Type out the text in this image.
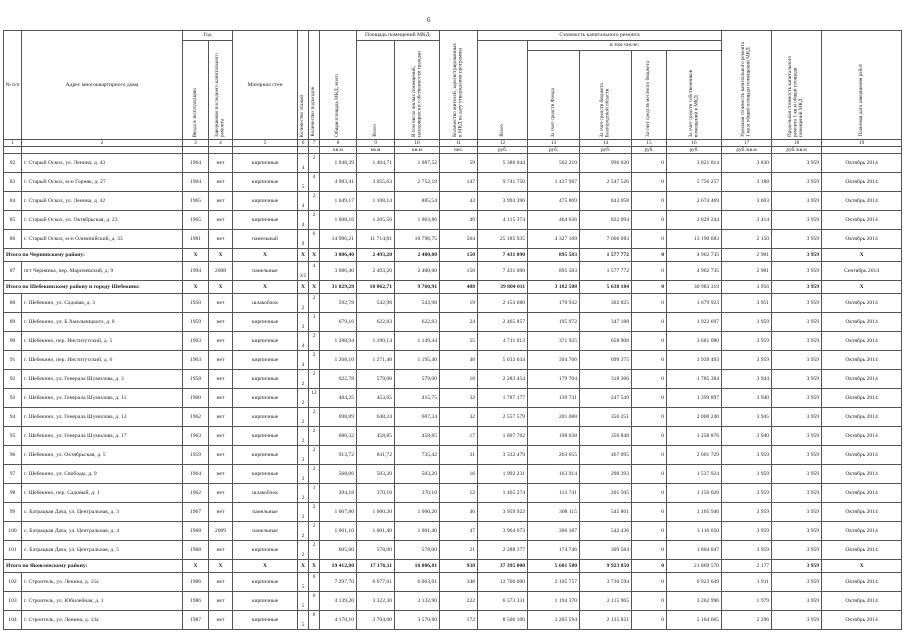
6
№ п/п	Адрес многоквартирного дома	Год		Материал стен	Количество этажей	Количество подъездов	Общая площадь МКД, всего	Площадь помещений МКД:		Количество жителей, зарегистрированных в МКД на дату утверждения программы	Стоимость капитального ремонта					Удельная стоимость капитального ремонта 1 кв.м общей площади помещений МКД	Предельная стоимость капитального ремонта 1 кв.м общей площади помещений МКД	Плановая дата завершения работ

		Ввода в эксплуатацию	Завершение последнего капитального ремонта					Всего	В том числе жилых помещений, находящихся в собственности граждан		Всего	в том числе:						

												За счет средств Фонда	За счет средств бюджета Белгородской области	За счет средств местного бюджета	За счет средств собственников помещений в МКД			

1	2	3	4	5	6	7	8	9	10	11	12	13	14	15	16	17	18	19
							кв.м	кв.м	кв.м	чел.	руб.	руб.	руб.	руб.	руб.	руб./кв.м	руб./кв.м	
82	г. Старый Оскол, ул. Ленина, д. 43	1964	нет	кирпичные	4	2	1 948,39	1 404,71	1 087,52	59	5 380 044	562 210	996 620	0	3 821 814	3 830	3 959	Октябрь 2014
83	г. Старый Оскол, м-н Горняк, д. 27	1964	нет	кирпичные	5	4	4 983,41	3 055,63	2 752,19	147	9 741 750	1 437 967	2 547 526	0	5 756 257	3 188	3 959	Октябрь 2014
84	г. Старый Оскол, ул. Ленина, д. 42	1965	нет	кирпичные	4	2	1 649,17	1 108,14	885,54	43	3 993 396	475 869	843 058	0	2 674 469	3 603	3 959	Октябрь 2014
85	г. Старый Оскол, ул. Октябрьская, д. 23	1965	нет	кирпичные	4	2	1 608,16	1 205,56	1 063,86	49	4 115 374	464 036	822 094	0	2 829 244	3 414	3 959	Октябрь 2014
86	г. Старый Оскол, м-н Олимпийский, д. 33	1981	нет	панельный	9	6	14 996,21	11 714,81	10 796,75	564	25 185 935	4 327 169	7 666 083	0	13 190 683	2 150	3 959	Октябрь 2014
Итого по Чернянскому району:		X	X	X	X	X	3 086,40	2 493,20	2 400,00	150	7 431 090	895 583	1 577 772	0	4 962 735	2 981	3 959	X
87	пгт Чернянка, пер. Маричевский, д. 9	1994	2008	панельные	3/5	4	3 086,40	2 493,20	2 400,00	150	7 431 090	895 583	1 577 772	0	4 962 735	2 981	3 959	Сентябрь 2014
Итого по Шебекинскому району и городу Шебекино:		X	X	X	X	X	31 029,28	10 062,71	9 760,91	488	39 804 011	3 182 508	5 638 184	0	30 983 319	3 956	3 959	X
88	г. Шебекино, ул. Садовая, д. 3	1950	нет	шлакоблок	2	2	592,78	542,98	543,98	19	2 153 680	170 932	302 825	0	1 679 923	3 951	3 959	Октябрь 2014
89	г. Шебекино, ул. Б.Хмельницкого, д. 8	1959	нет	кирпичные	3	3	679,16	622,83	622,83	24	2 465 857	195 972	347 188	0	1 922 697	3 959	3 959	Октябрь 2014
90	г. Шебекино, пер. Институтский, д. 5	1963	нет	кирпичные	4	2	1 288,94	1 190,14	1 149,44	55	4 711 913	371 925	658 908	0	3 681 080	3 959	3 959	Октябрь 2014
91	г. Шебекино, пер. Институтский, д. 6	1963	нет	кирпичные	4	2	1 268,10	1 271,40	1 195,40	48	5 033 634	394 766	699 375	0	3 939 493	3 959	3 959	Октябрь 2014
92	г. Шебекино, ул. Генерала Шумилова, д. 3	1958	нет	кирпичные	2	2	622,78	579,00	579,00	18	2 283 454	179 704	318 366	0	1 785 384	3 944	3 959	Октябрь 2014
93	г. Шебекино, ул. Генерала Шумилова, д. 11	1960	нет	кирпичные	2	12	484,25	453,65	415,75	32	1 787 177	139 731	247 549	0	1 399 897	3 940	3 959	Октябрь 2014
94	г. Шебекино, ул. Генерала Шумилова, д. 12	1962	нет	кирпичные	2	2	698,89	648,24	607,34	32	2 557 579	201 088	356 251	0	2 000 240	3 945	3 959	Октябрь 2014
95	г. Шебекино, ул. Генерала Шумилова, д. 17	1963	нет	кирпичные	2	2	686,32	458,85	458,85	17	1 807 762	198 038	350 848	0	1 258 876	3 940	3 959	Октябрь 2014
96	г. Шебекино, ул. Октябрьская, д. 5	1959	нет	кирпичные	3	2	913,72	841,72	735,42	31	3 332 479	263 655	467 095	0	2 601 729	3 959	3 959	Октябрь 2014
97	г. Шебекино, ул. Свободы, д. 9	1964	нет	кирпичные	3	2	568,06	503,20	503,20	16	1 992 231	163 914	290 393	0	1 537 924	3 959	3 959	Октябрь 2014
98	г. Шебекино, пер. Садовый, д. 1	1962	нет	шлакоблок	2	1	394,18	370,10	370,10	12	1 465 274	113 741	201 505	0	1 150 028	3 959	3 959	Октябрь 2014
99	с. Батрацкая Дача, ул. Центральная, д. 3	1967	нет	панельные	2	2	1 067,80	1 000,20	1 000,20	46	3 959 922	308 115	545 861	0	3 105 946	3 959	3 959	Октябрь 2014
100	с. Батрацкая Дача, ул. Центральная, д. 4	1968	2009	панельные	2	2	1 061,10	1 001,40	1 001,40	47	3 964 673	306 187	542 436	0	3 116 050	3 959	3 959	Октябрь 2014
101	с. Батрацкая Дача, ул. Центральная, д. 5	1968	нет	кирпичные	2	2	605,60	578,00	578,00	21	2 288 377	174 746	309 584	0	1 804 047	3 959	3 959	Октябрь 2014
Итого по Яковлевскому району:		X	X	X	X	X	19 412,80	17 176,11	16 086,81	938	37 395 000	5 601 580	9 923 850	0	21 869 570	2 177	3 959	X
102	г. Строитель, ул. Ленина, д. 15а	1986	нет	кирпичные	5	6	7 297,70	6 677,61	6 063,01	348	12 760 000	2 105 757	3 730 594	0	6 923 649	1 911	3 959	Октябрь 2014
103	г. Строитель, ул. Юбилейная, д. 1	1986	нет	кирпичные	5	6	4 139,20	3 322,30	3 132,90	222	6 573 331	1 194 370	2 115 965	0	3 262 996	1 979	3 959	Октябрь 2014
104	г. Строитель, ул. Ленина, д. 13а	1987	нет	кирпичные	5	6	4 178,10	3 704,00	3 570,60	172	8 506 100	1 205 594	2 135 851	0	5 164 665	2 296	3 959	Октябрь 2014
